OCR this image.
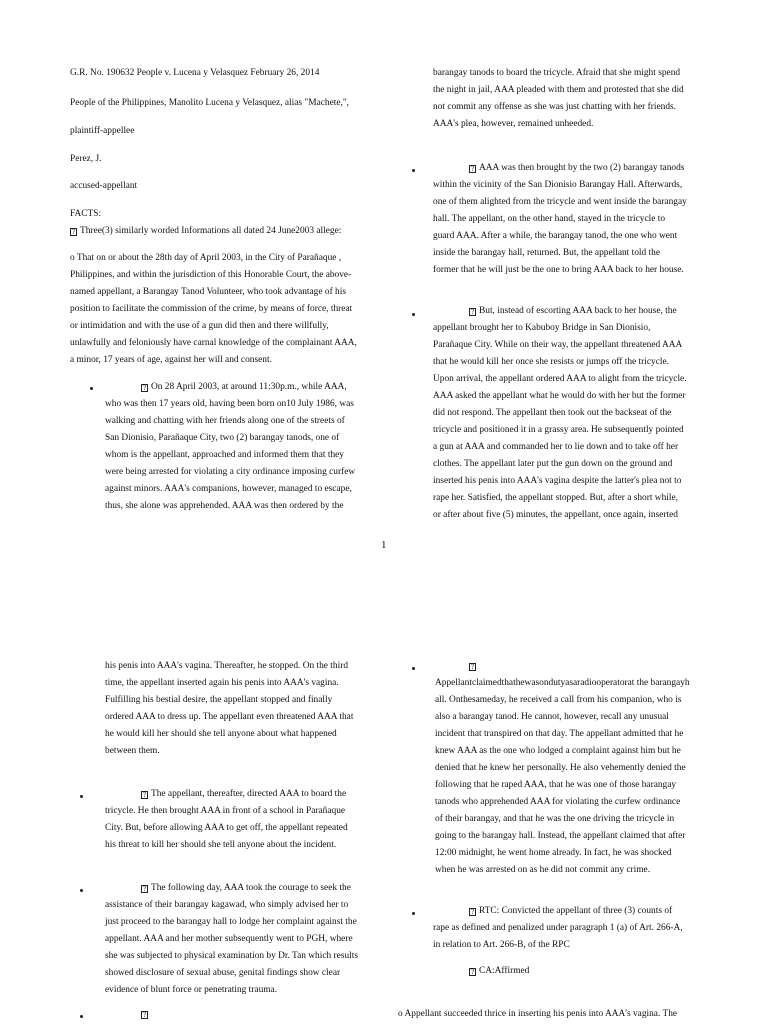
G.R. No. 190632 People v. Lucena y Velasquez February 26, 2014
People of the Philippines, Manolito Lucena y Velasquez, alias "Machete,",
plaintiff-appellee
Perez, J.
accused-appellant
FACTS:
? Three(3) similarly worded Informations all dated 24 June2003 allege:
o That on or about the 28th day of April 2003, in the City of Parañaque ,
Philippines, and within the jurisdiction of this Honorable Court, the above-
named appellant, a Barangay Tanod Volunteer, who took advantage of his
position to facilitate the commission of the crime, by means of force, threat
or intimidation and with the use of a gun did then and there willfully,
unlawfully and feloniously have carnal knowledge of the complainant AAA,
a minor, 17 years of age, against her will and consent.
? On 28 April 2003, at around 11:30p.m., while AAA,
who was then 17 years old, having been born on10 July 1986, was
walking and chatting with her friends along one of the streets of
San Dionisio, Parañaque City, two (2) barangay tanods, one of
whom is the appellant, approached and informed them that they
were being arrested for violating a city ordinance imposing curfew
against minors. AAA's companions, however, managed to escape,
thus, she alone was apprehended. AAA was then ordered by the
barangay tanods to board the tricycle. Afraid that she might spend
the night in jail, AAA pleaded with them and protested that she did
not commit any offense as she was just chatting with her friends.
AAA's plea, however, remained unheeded.
? AAA was then brought by the two (2) barangay tanods
within the vicinity of the San Dionisio Barangay Hall. Afterwards,
one of them alighted from the tricycle and went inside the barangay
hall. The appellant, on the other hand, stayed in the tricycle to
guard AAA. After a while, the barangay tanod, the one who went
inside the barangay hall, returned. But, the appellant told the
former that he will just be the one to bring AAA back to her house.
? But, instead of escorting AAA back to her house, the
appellant brought her to Kabuboy Bridge in San Dionisio,
Parañaque City. While on their way, the appellant threatened AAA
that he would kill her once she resists or jumps off the tricycle.
Upon arrival, the appellant ordered AAA to alight from the tricycle.
AAA asked the appellant what he would do with her but the former
did not respond. The appellant then took out the backseat of the
tricycle and positioned it in a grassy area. He subsequently pointed
a gun at AAA and commanded her to lie down and to take off her
clothes. The appellant later put the gun down on the ground and
inserted his penis into AAA's vagina despite the latter's plea not to
rape her. Satisfied, the appellant stopped. But, after a short while,
or after about five (5) minutes, the appellant, once again, inserted
1
his penis into AAA's vagina. Thereafter, he stopped. On the third
time, the appellant inserted again his penis into AAA's vagina.
Fulfilling his bestial desire, the appellant stopped and finally
ordered AAA to dress up. The appellant even threatened AAA that
he would kill her should she tell anyone about what happened
between them.
? The appellant, thereafter, directed AAA to board the
tricycle. He then brought AAA in front of a school in Parañaque
City. But, before allowing AAA to get off, the appellant repeated
his threat to kill her should she tell anyone about the incident.
? The following day, AAA took the courage to seek the
assistance of their barangay kagawad, who simply advised her to
just proceed to the barangay hall to lodge her complaint against the
appellant. AAA and her mother subsequently went to PGH, where
she was subjected to physical examination by Dr. Tan which results
showed disclosure of sexual abuse, genital findings show clear
evidence of blunt force or penetrating trauma.
?
?
Appellantclaimedthathewasondutyasaradiooperatorat the barangayh
all. Onthesameday, he received a call from his companion, who is
also a barangay tanod. He cannot, however, recall any unusual
incident that transpired on that day. The appellant admitted that he
knew AAA as the one who lodged a complaint against him but he
denied that he knew her personally. He also vehemently denied the
following that he raped AAA, that he was one of those barangay
tanods who apprehended AAA for violating the curfew ordinance
of their barangay, and that he was the one driving the tricycle in
going to the barangay hall. Instead, the appellant claimed that after
12:00 midnight, he went home already. In fact, he was shocked
when he was arrested on as he did not commit any crime.
? RTC: Convicted the appellant of three (3) counts of
rape as defined and penalized under paragraph 1 (a) of Art. 266-A,
in relation to Art. 266-B, of the RPC
? CA:Affirmed
o Appellant succeeded thrice in inserting his penis into AAA's vagina. The
